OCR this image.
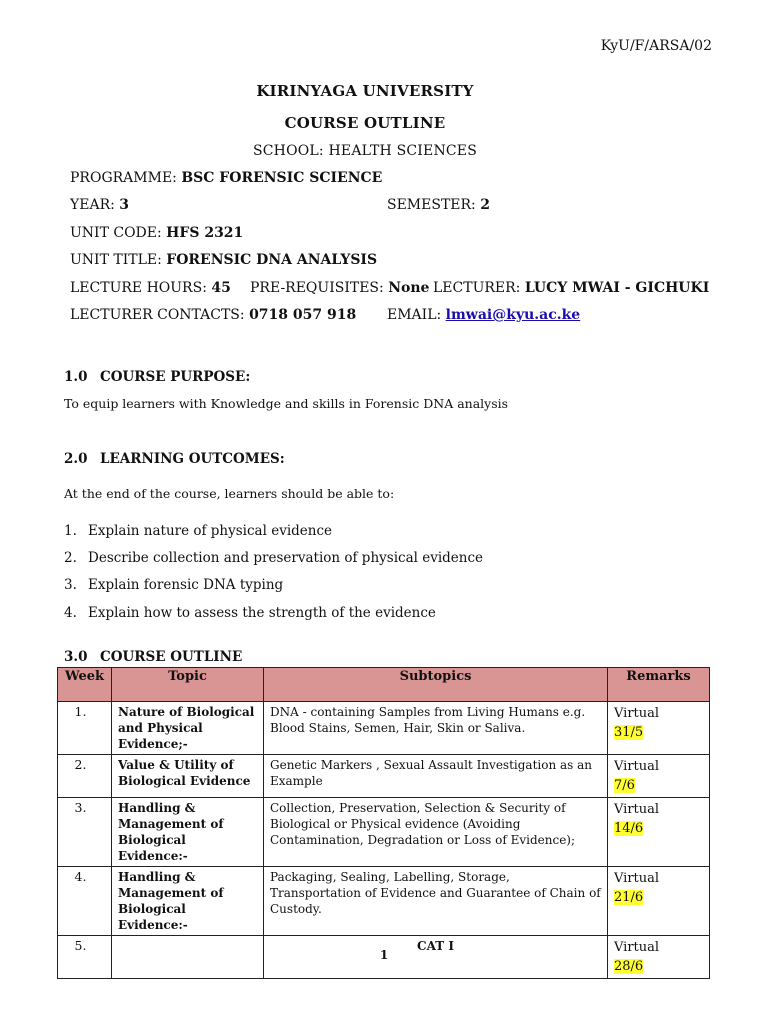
KyU/F/ARSA/02
KIRINYAGA UNIVERSITY
COURSE OUTLINE
SCHOOL: HEALTH SCIENCES
PROGRAMME: BSC FORENSIC SCIENCE
YEAR: 3	SEMESTER: 2
UNIT CODE: HFS 2321
UNIT TITLE: FORENSIC DNA ANALYSIS
LECTURE HOURS: 45 PRE-REQUISITES: None LECTURER: LUCY MWAI - GICHUKI
LECTURER CONTACTS: 0718 057 918 EMAIL: lmwai@kyu.ac.ke
1.0 COURSE PURPOSE:
To equip learners with Knowledge and skills in Forensic DNA analysis
2.0 LEARNING OUTCOMES:
At the end of the course, learners should be able to:
1. Explain nature of physical evidence
2. Describe collection and preservation of physical evidence
3. Explain forensic DNA typing
4. Explain how to assess the strength of the evidence
3.0 COURSE OUTLINE
Week	Topic	Subtopics	Remarks
1.	Nature of Biological and Physical Evidence;-	DNA - containing Samples from Living Humans e.g. Blood Stains, Semen, Hair, Skin or Saliva.	Virtual
31/5
2.	Value & Utility of Biological Evidence	Genetic Markers , Sexual Assault Investigation as an Example	Virtual
7/6
3.	Handling & Management of Biological Evidence:-	Collection, Preservation, Selection & Security of Biological or Physical evidence (Avoiding Contamination, Degradation or Loss of Evidence);	Virtual
14/6
4.	Handling & Management of Biological Evidence:-	Packaging, Sealing, Labelling, Storage, Transportation of Evidence and Guarantee of Chain of Custody.	Virtual
21/6
5.		CAT I	Virtual
28/6
1
